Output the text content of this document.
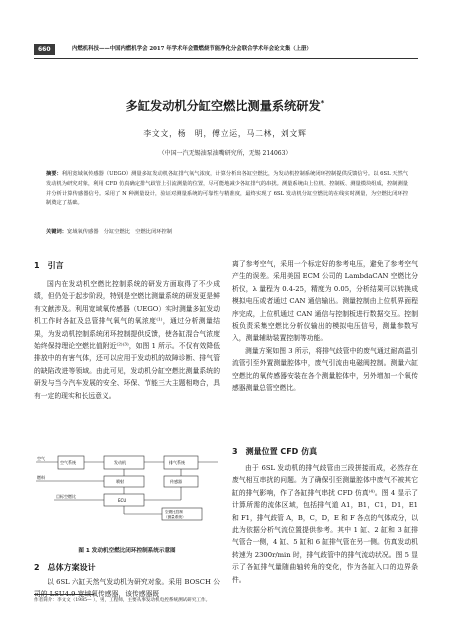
660	内燃机科技——中国内燃机学会 2017 年学术年会暨燃烧节能净化分会联合学术年会论文集（上册）
多缸发动机分缸空燃比测量系统研发*
李文文，杨　明，傅立运，马二林，刘文辉
（中国一汽无锡油泵油嘴研究所，无锡 214063）
摘要：利用宽域氧传感器（UEGO）测量多缸发动机各缸排气氧气浓度，计算分析出各缸空燃比，为发动机控制系统闭环控制提供反馈信号。以 6SL 天然气发动机为研究对象，利用 CFD 仿真确定排气歧管上引流测量的位置，尽可能地减少各缸排气的串扰。测量系统由上位机、控制板、测量模块组成，控制测量并分析计算传感器信号。采用了 N 种测量设计，验证对测量系统的可靠性与精准度，最终实现了 6SL 发动机分缸空燃比的在线实时测量，为空燃比闭环控制奠定了基础。
关键词：宽域氧传感器　分缸空燃比　空燃比闭环控制
1　引言

国内在发动机空燃比控制系统的研发方面取得了不少成绩，但仍处于起步阶段，特别是空燃比测量系统的研发更是鲜有文献涉及。利用宽域氧传感器（UEGO）实时测量多缸发动机工作时各缸及总管排气氧气的氧浓度⁽¹⁾，通过分析测量结果，为发动机控制系统闭环控制提供反馈，使各缸混合气浓度始终保持理论空燃比值附近⁽²⁾⁽³⁾，如图 1 所示。不仅有效降低排放中的有害气体，还可以应用于发动机的故障诊断、排气管的缺陷改进等领域。由此可见，发动机分缸空燃比测量系统的研发与当今汽车发展的安全、环保、节能三大主题相吻合，具有一定的现实和长远意义。

空气
空气系统	发动机	排气系统
燃料
喷射	传感器
ECU
目标空燃比
空燃比控制
（测量系统）
图 1 发动机空燃比闭环控制系统示意图
2　总体方案设计

以 6SL 六缸天然气发动机为研究对象。采用 BOSCH 公司的 LSU4.9 宽域氧传感器，该传感器既

作者简介：李文文（1985— ），男，工程师，主要从事发动机电控系统测试研究工作。

离了参考空气，采用一个标定好的参考电压，避免了参考空气产生的误差。采用美国 ECM 公司的 LambdaCAN 空燃比分析仪，λ 量程为 0.4-25，精度为 0.05，分析结果可以转换成模拟电压或者通过 CAN 通信输出。测量控制由上位机界面程序完成，上位机通过 CAN 通信与控制板进行数据交互。控制板负责采集空燃比分析仪输出的模拟电压信号，测量参数写入，测量辅助装置控制等功能。

测量方案如图 3 所示，将排气歧管中的废气通过耐高温引流管引至外置测量腔体中，废气引流由电磁阀控制。测量六缸空燃比的氧传感器安装在各个测量腔体中，另外增加一个氧传感器测量总管空燃比。

3　测量位置 CFD 仿真

由于 6SL 发动机的排气歧管由三段拼接而成，必然存在废气相互串扰的问题。为了确保引至测量腔体中废气不被其它缸的排气影响，作了各缸排气串扰 CFD 仿真⁽⁴⁾。图 4 显示了计算所需的流体区域，包括排气道 A1，B1，C1，D1，E1 和 F1，排气歧管 A，B，C，D，E 和 F 各点的气体成分，以此为依据分析气流位置提供参考。其中 1 缸、2 缸和 3 缸排气管合一侧，4 缸、5 缸和 6 缸排气管在另一侧。仿真发动机转速为 2300r/min 时，排气歧管中的排气流动状况。图 5 显示了各缸排气量随曲轴转角的变化，作为各缸入口的边界条件。
